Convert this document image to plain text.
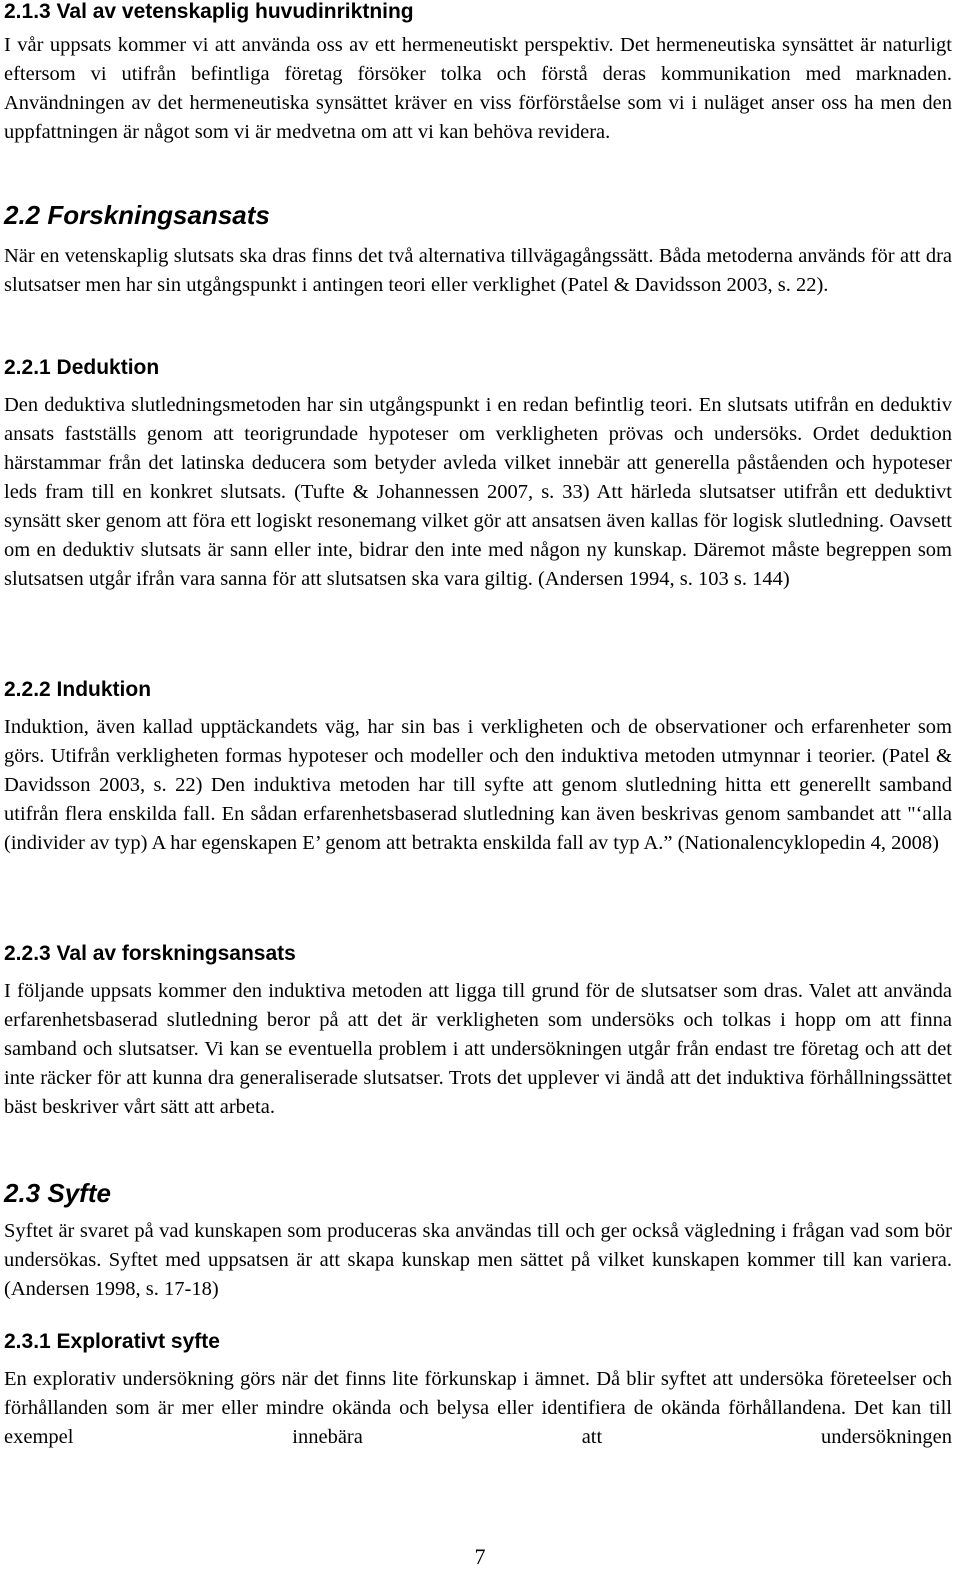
2.1.3 Val av vetenskaplig huvudinriktning

I vår uppsats kommer vi att använda oss av ett hermeneutiskt perspektiv. Det hermeneutiska synsättet är naturligt eftersom vi utifrån befintliga företag försöker tolka och förstå deras kommunikation med marknaden. Användningen av det hermeneutiska synsättet kräver en viss förförståelse som vi i nuläget anser oss ha men den uppfattningen är något som vi är medvetna om att vi kan behöva revidera.

2.2 Forskningsansats

När en vetenskaplig slutsats ska dras finns det två alternativa tillvägagångssätt. Båda metoderna används för att dra slutsatser men har sin utgångspunkt i antingen teori eller verklighet (Patel & Davidsson 2003, s. 22).

2.2.1 Deduktion

Den deduktiva slutledningsmetoden har sin utgångspunkt i en redan befintlig teori. En slutsats utifrån en deduktiv ansats fastställs genom att teorigrundade hypoteser om verkligheten prövas och undersöks. Ordet deduktion härstammar från det latinska deducera som betyder avleda vilket innebär att generella påståenden och hypoteser leds fram till en konkret slutsats. (Tufte & Johannessen 2007, s. 33) Att härleda slutsatser utifrån ett deduktivt synsätt sker genom att föra ett logiskt resonemang vilket gör att ansatsen även kallas för logisk slutledning. Oavsett om en deduktiv slutsats är sann eller inte, bidrar den inte med någon ny kunskap. Däremot måste begreppen som slutsatsen utgår ifrån vara sanna för att slutsatsen ska vara giltig. (Andersen 1994, s. 103 s. 144)

2.2.2 Induktion

Induktion, även kallad upptäckandets väg, har sin bas i verkligheten och de observationer och erfarenheter som görs. Utifrån verkligheten formas hypoteser och modeller och den induktiva metoden utmynnar i teorier. (Patel & Davidsson 2003, s. 22) Den induktiva metoden har till syfte att genom slutledning hitta ett generellt samband utifrån flera enskilda fall. En sådan erfarenhetsbaserad slutledning kan även beskrivas genom sambandet att "‘alla (individer av typ) A har egenskapen E’ genom att betrakta enskilda fall av typ A.” (Nationalencyklopedin 4, 2008)

2.2.3 Val av forskningsansats

I följande uppsats kommer den induktiva metoden att ligga till grund för de slutsatser som dras. Valet att använda erfarenhetsbaserad slutledning beror på att det är verkligheten som undersöks och tolkas i hopp om att finna samband och slutsatser. Vi kan se eventuella problem i att undersökningen utgår från endast tre företag och att det inte räcker för att kunna dra generaliserade slutsatser. Trots det upplever vi ändå att det induktiva förhållningssättet bäst beskriver vårt sätt att arbeta.

2.3 Syfte

Syftet är svaret på vad kunskapen som produceras ska användas till och ger också vägledning i frågan vad som bör undersökas. Syftet med uppsatsen är att skapa kunskap men sättet på vilket kunskapen kommer till kan variera. (Andersen 1998, s. 17-18)

2.3.1 Explorativt syfte

En explorativ undersökning görs när det finns lite förkunskap i ämnet. Då blir syftet att undersöka företeelser och förhållanden som är mer eller mindre okända och belysa eller identifiera de okända förhållandena. Det kan till exempel innebära att undersökningen

7
